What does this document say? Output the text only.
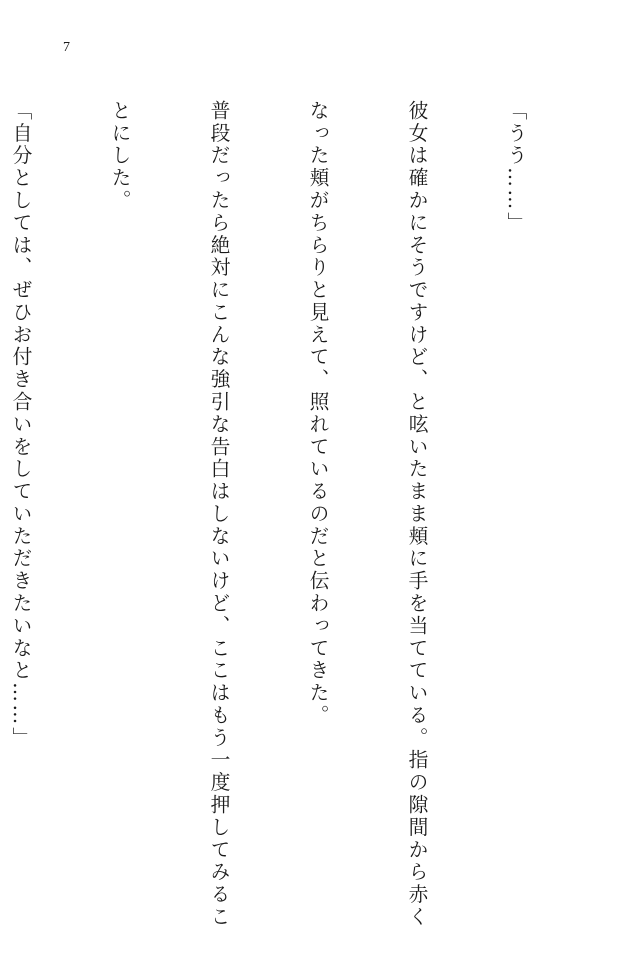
7

「うう……」

彼女は確かにそうですけど、と呟いたまま頬に手を当てている。指の隙間から赤く

なった頬がちらりと見えて、照れているのだと伝わってきた。

普段だったら絶対にこんな強引な告白はしないけど、ここはもう一度押してみるこ

とにした。

「自分としては、ぜひお付き合いをしていただきたいなと……」
